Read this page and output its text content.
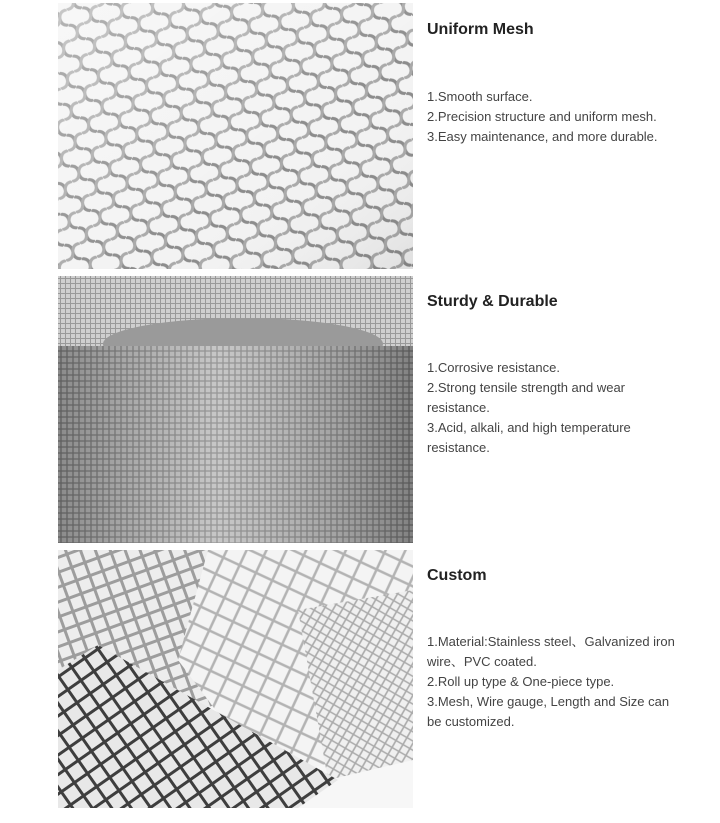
Uniform Mesh
1.Smooth surface.
2.Precision structure and uniform mesh.
3.Easy maintenance, and more durable.
Sturdy & Durable
1.Corrosive resistance.
2.Strong tensile strength and wear resistance.
3.Acid, alkali, and high temperature resistance.
Custom
1.Material:Stainless steel、Galvanized iron wire、PVC coated.
2.Roll up type & One-piece type.
3.Mesh, Wire gauge, Length and Size can be customized.
